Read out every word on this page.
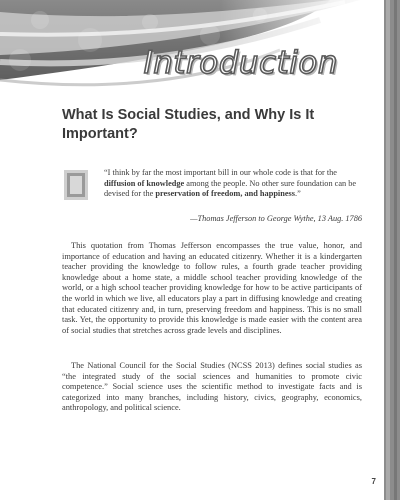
Introduction
What Is Social Studies, and Why Is It Important?

“I think by far the most important bill in our whole code is that for the diffusion of knowledge among the people. No other sure foundation can be devised for the preservation of freedom, and happiness.”

—Thomas Jefferson to George Wythe, 13 Aug. 1786

This quotation from Thomas Jefferson encompasses the true value, honor, and importance of education and having an educated citizenry. Whether it is a kindergarten teacher providing the knowledge to follow rules, a fourth grade teacher providing knowledge about a home state, a middle school teacher providing knowledge of the world, or a high school teacher providing knowledge for how to be active participants of the world in which we live, all educators play a part in diffusing knowledge and creating that educated citizenry and, in turn, preserving freedom and happiness. This is no small task. Yet, the opportunity to provide this knowledge is made easier with the content area of social studies that stretches across grade levels and disciplines.

The National Council for the Social Studies (NCSS 2013) defines social studies as “the integrated study of the social sciences and humanities to promote civic competence.” Social science uses the scientific method to investigate facts and is categorized into many branches, including history, civics, geography, economics, anthropology, and political science.

7
